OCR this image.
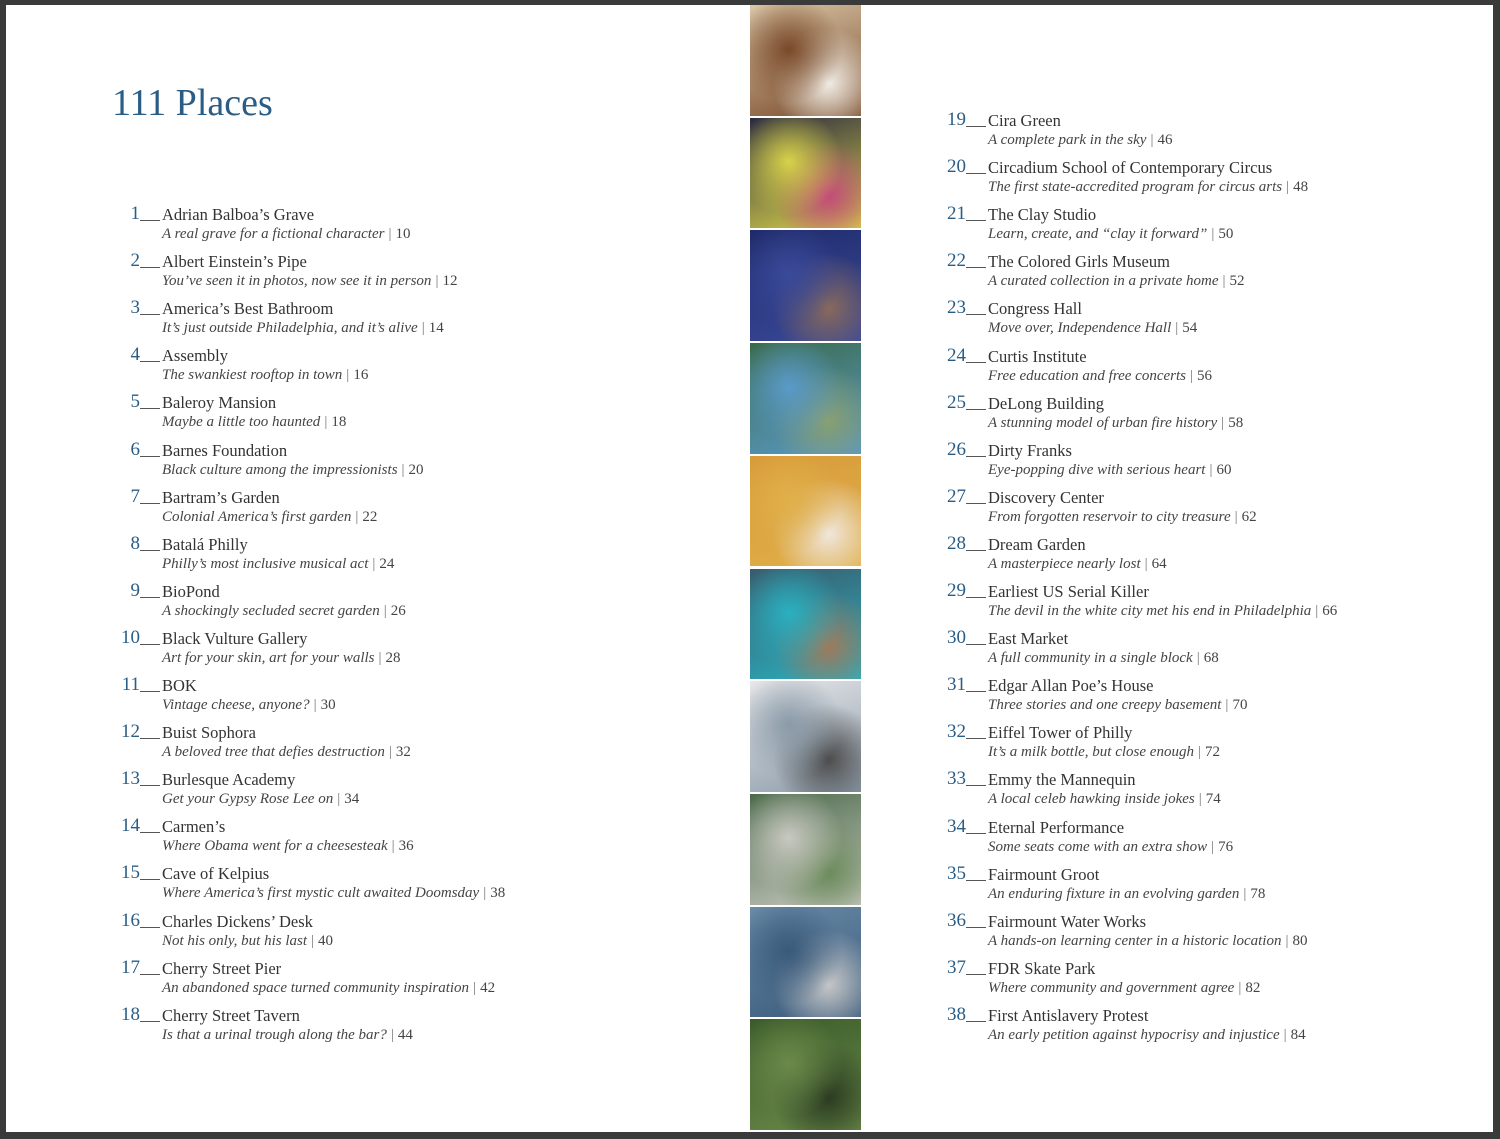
111 Places
1 Adrian Balboa’s Grave
A real grave for a fictional character | 10
2 Albert Einstein’s Pipe
You’ve seen it in photos, now see it in person | 12
3 America’s Best Bathroom
It’s just outside Philadelphia, and it’s alive | 14
4 Assembly
The swankiest rooftop in town | 16
5 Baleroy Mansion
Maybe a little too haunted | 18
6 Barnes Foundation
Black culture among the impressionists | 20
7 Bartram’s Garden
Colonial America’s first garden | 22
8 Batalá Philly
Philly’s most inclusive musical act | 24
9 BioPond
A shockingly secluded secret garden | 26
10 Black Vulture Gallery
Art for your skin, art for your walls | 28
11 BOK
Vintage cheese, anyone? | 30
12 Buist Sophora
A beloved tree that defies destruction | 32
13 Burlesque Academy
Get your Gypsy Rose Lee on | 34
14 Carmen’s
Where Obama went for a cheesesteak | 36
15 Cave of Kelpius
Where America’s first mystic cult awaited Doomsday | 38
16 Charles Dickens’ Desk
Not his only, but his last | 40
17 Cherry Street Pier
An abandoned space turned community inspiration | 42
18 Cherry Street Tavern
Is that a urinal trough along the bar? | 44
19 Cira Green
A complete park in the sky | 46
20 Circadium School of Contemporary Circus
The first state-accredited program for circus arts | 48
21 The Clay Studio
Learn, create, and “clay it forward” | 50
22 The Colored Girls Museum
A curated collection in a private home | 52
23 Congress Hall
Move over, Independence Hall | 54
24 Curtis Institute
Free education and free concerts | 56
25 DeLong Building
A stunning model of urban fire history | 58
26 Dirty Franks
Eye-popping dive with serious heart | 60
27 Discovery Center
From forgotten reservoir to city treasure | 62
28 Dream Garden
A masterpiece nearly lost | 64
29 Earliest US Serial Killer
The devil in the white city met his end in Philadelphia | 66
30 East Market
A full community in a single block | 68
31 Edgar Allan Poe’s House
Three stories and one creepy basement | 70
32 Eiffel Tower of Philly
It’s a milk bottle, but close enough | 72
33 Emmy the Mannequin
A local celeb hawking inside jokes | 74
34 Eternal Performance
Some seats come with an extra show | 76
35 Fairmount Groot
An enduring fixture in an evolving garden | 78
36 Fairmount Water Works
A hands-on learning center in a historic location | 80
37 FDR Skate Park
Where community and government agree | 82
38 First Antislavery Protest
An early petition against hypocrisy and injustice | 84
